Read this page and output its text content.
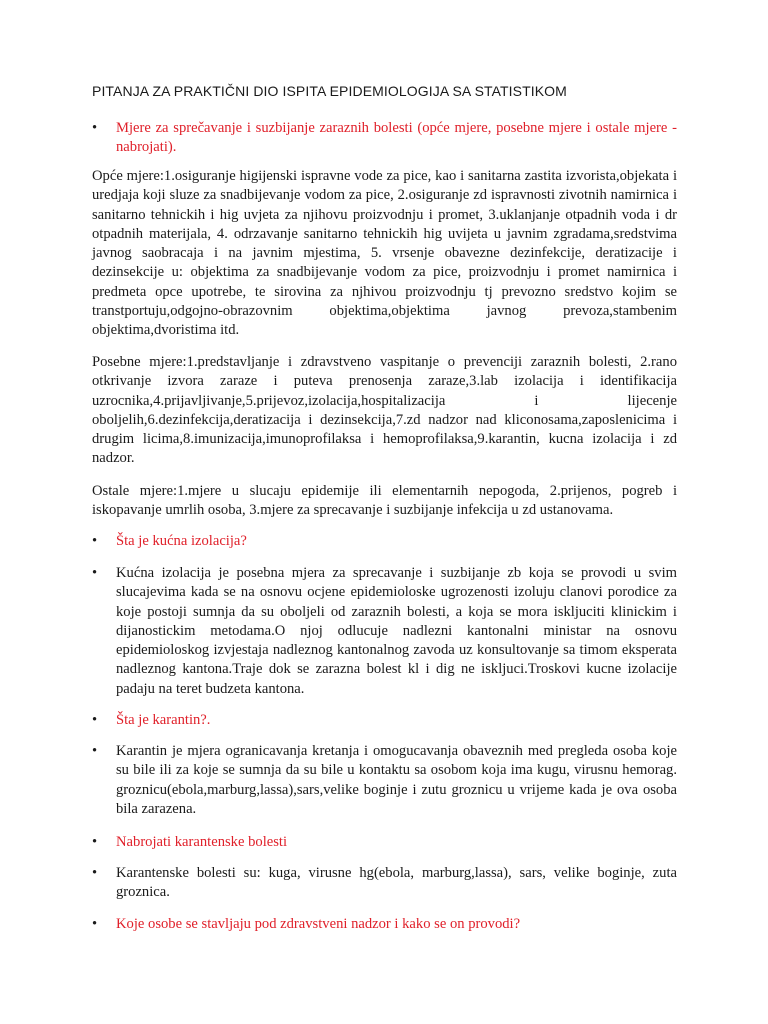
PITANJA ZA PRAKTIČNI DIO ISPITA EPIDEMIOLOGIJA SA STATISTIKOM
•	Mjere za sprečavanje i suzbijanje zaraznih bolesti (opće mjere, posebne mjere i ostale mjere - nabrojati).

Opće mjere:1.osiguranje higijenski ispravne vode za pice, kao i sanitarna zastita izvorista,objekata i uredjaja koji sluze za snadbijevanje vodom za pice, 2.osiguranje zd ispravnosti zivotnih namirnica i sanitarno tehnickih i hig uvjeta za njihovu proizvodnju i promet, 3.uklanjanje otpadnih voda i dr otpadnih materijala, 4. odrzavanje sanitarno tehnickih hig uvijeta u javnim zgradama,sredstvima javnog saobracaja i na javnim mjestima, 5. vrsenje obavezne dezinfekcije, deratizacije i dezinsekcije u: objektima za snadbijevanje vodom za pice, proizvodnju i promet namirnica i predmeta opce upotrebe, te sirovina za njhivou proizvodnju tj prevozno sredstvo kojim se transtportuju,odgojno-obrazovnim objektima,objektima javnog prevoza,stambenim objektima,dvoristima itd.

Posebne mjere:1.predstavljanje i zdravstveno vaspitanje o prevenciji zaraznih bolesti, 2.rano otkrivanje izvora zaraze i puteva prenosenja zaraze,3.lab izolacija i identifikacija uzrocnika,4.prijavljivanje,5.prijevoz,izolacija,hospitalizacija i lijecenje oboljelih,6.dezinfekcija,deratizacija i dezinsekcija,7.zd nadzor nad kliconosama,zaposlenicima i drugim licima,8.imunizacija,imunoprofilaksa i hemoprofilaksa,9.karantin, kucna izolacija i zd nadzor.

Ostale mjere:1.mjere u slucaju epidemije ili elementarnih nepogoda, 2.prijenos, pogreb i iskopavanje umrlih osoba, 3.mjere za sprecavanje i suzbijanje infekcija u zd ustanovama.

•	Šta je kućna izolacija?

•	Kućna izolacija je posebna mjera za sprecavanje i suzbijanje zb koja se provodi u svim slucajevima kada se na osnovu ocjene epidemioloske ugrozenosti izoluju clanovi porodice za koje postoji sumnja da su oboljeli od zaraznih bolesti, a koja se mora iskljuciti klinickim i dijanostickim metodama.O njoj odlucuje nadlezni kantonalni ministar na osnovu epidemioloskog izvjestaja nadleznog kantonalnog zavoda uz konsultovanje sa timom eksperata nadleznog kantona.Traje dok se zarazna bolest kl i dig ne iskljuci.Troskovi kucne izolacije padaju na teret budzeta kantona.

•	Šta je karantin?.

•	Karantin je mjera ogranicavanja kretanja i omogucavanja obaveznih med pregleda osoba koje su bile ili za koje se sumnja da su bile u kontaktu sa osobom koja ima kugu, virusnu hemorag. groznicu(ebola,marburg,lassa),sars,velike boginje i zutu groznicu u vrijeme kada je ova osoba bila zarazena.

•	Nabrojati karantenske bolesti

•	Karantenske bolesti su: kuga, virusne hg(ebola, marburg,lassa), sars, velike boginje, zuta groznica.

•	Koje osobe se stavljaju pod zdravstveni nadzor i kako se on provodi?
